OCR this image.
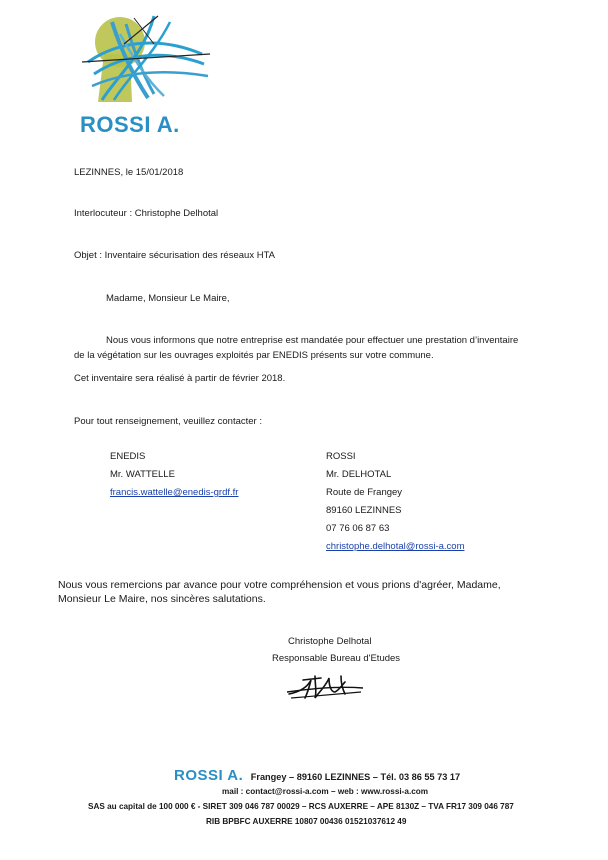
ROSSI A.
LEZINNES, le 15/01/2018
Interlocuteur : Christophe Delhotal
Objet : Inventaire sécurisation des réseaux HTA
Madame, Monsieur Le Maire,
Nous vous informons que notre entreprise est mandatée pour effectuer une prestation d’inventaire
de la végétation sur les ouvrages exploités par ENEDIS présents sur votre commune.
Cet inventaire sera réalisé à partir de février 2018.
Pour tout renseignement, veuillez contacter :
ENEDIS
Mr. WATTELLE
francis.wattelle@enedis-grdf.fr
ROSSI
Mr. DELHOTAL
Route de Frangey
89160 LEZINNES
07 76 06 87 63
christophe.delhotal@rossi-a.com
Nous vous remercions par avance pour votre compréhension et vous prions d'agréer, Madame,
Monsieur Le Maire, nos sincères salutations.
Christophe Delhotal
Responsable Bureau d'Etudes
ROSSI A. Frangey – 89160 LEZINNES – Tél. 03 86 55 73 17
mail : contact@rossi-a.com – web : www.rossi-a.com
SAS au capital de 100 000 € - SIRET 309 046 787 00029 – RCS AUXERRE – APE 8130Z – TVA FR17 309 046 787
RIB BPBFC AUXERRE 10807 00436 01521037612 49
